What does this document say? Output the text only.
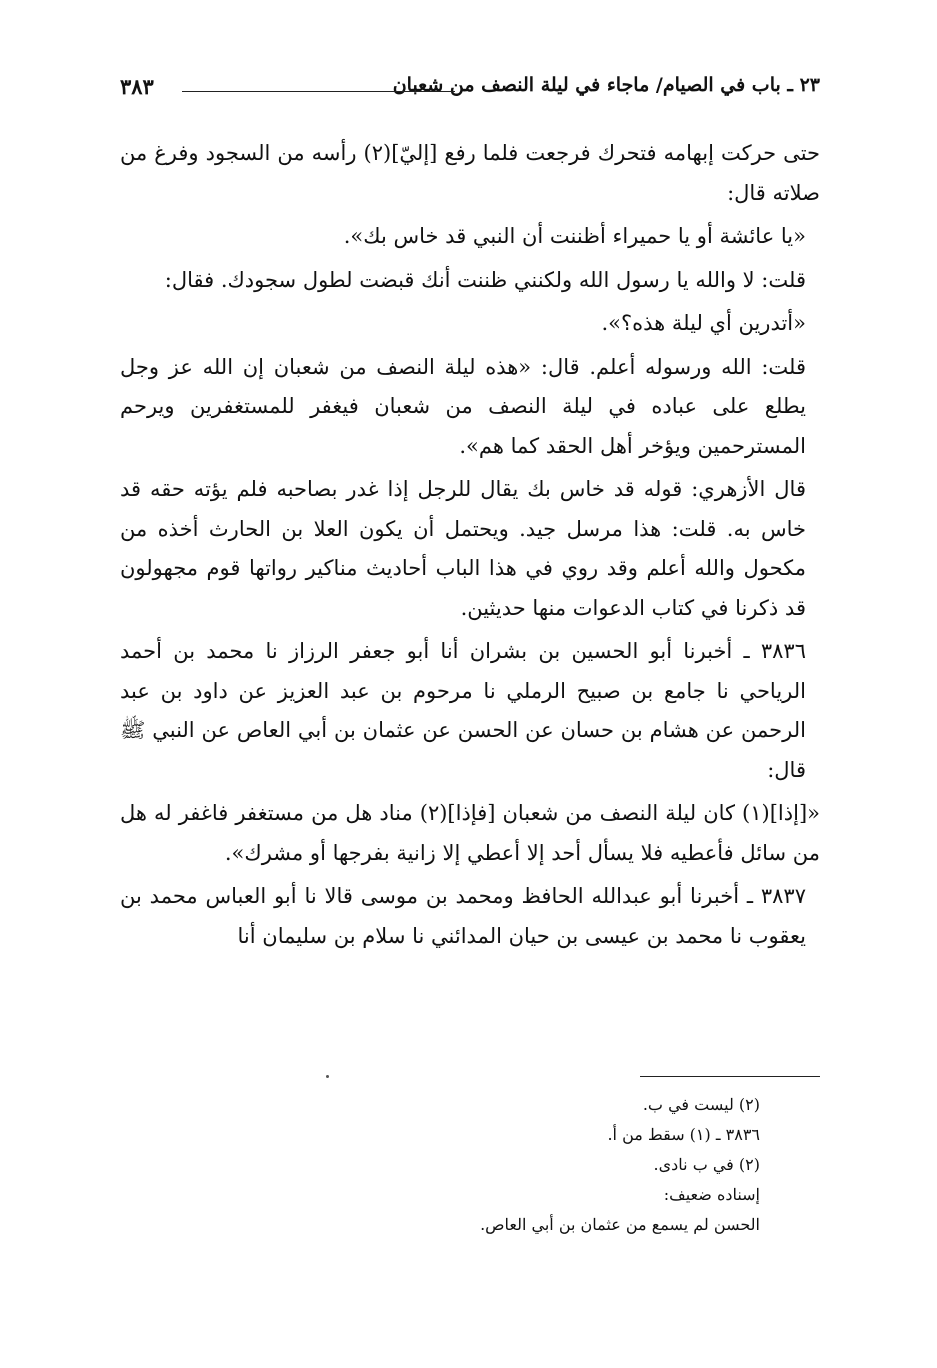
٢٣ ـ باب في الصيام/ ماجاء في ليلة النصف من شعبان
٣٨٣

حتى حركت إبهامه فتحرك فرجعت فلما رفع [إليّ](٢) رأسه من السجود وفرغ من صلاته قال:

«يا عائشة أو يا حميراء أظننت أن النبي قد خاس بك».

قلت: لا والله يا رسول الله ولكنني ظننت أنك قبضت لطول سجودك. فقال:

«أتدرين أي ليلة هذه؟».

قلت: الله ورسوله أعلم. قال: «هذه ليلة النصف من شعبان إن الله عز وجل يطلع على عباده في ليلة النصف من شعبان فيغفر للمستغفرين ويرحم المسترحمين ويؤخر أهل الحقد كما هم».

قال الأزهري: قوله قد خاس بك يقال للرجل إذا غدر بصاحبه فلم يؤته حقه قد خاس به. قلت: هذا مرسل جيد. ويحتمل أن يكون العلا بن الحارث أخذه من مكحول والله أعلم وقد روي في هذا الباب أحاديث مناكير رواتها قوم مجهولون قد ذكرنا في كتاب الدعوات منها حديثين.

٣٨٣٦ ـ أخبرنا أبو الحسين بن بشران أنا أبو جعفر الرزاز نا محمد بن أحمد الرياحي نا جامع بن صبيح الرملي نا مرحوم بن عبد العزيز عن داود بن عبد الرحمن عن هشام بن حسان عن الحسن عن عثمان بن أبي العاص عن النبي ﷺ قال:

«[إذا](١) كان ليلة النصف من شعبان [فإذا](٢) مناد هل من مستغفر فاغفر له هل من سائل فأعطيه فلا يسأل أحد إلا أعطي إلا زانية بفرجها أو مشرك».

٣٨٣٧ ـ أخبرنا أبو عبدالله الحافظ ومحمد بن موسى قالا نا أبو العباس محمد بن يعقوب نا محمد بن عيسى بن حيان المدائني نا سلام بن سليمان أنا

(٢) ليست في ب.
٣٨٣٦ ـ (١) سقط من أ.
(٢) في ب نادى.
إسناده ضعيف:
الحسن لم يسمع من عثمان بن أبي العاص.
